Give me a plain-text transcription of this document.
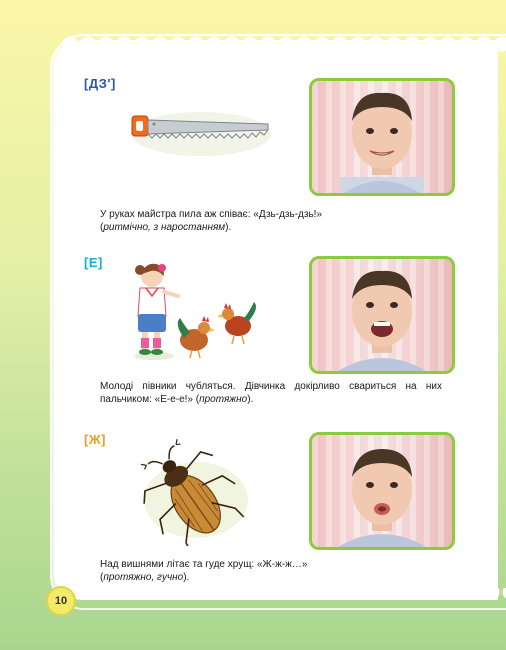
[ДЗ']
У руках майстра пила аж співає: «Дзь-дзь-дзь!»
(ритмічно, з наростанням).
[Е]
Молоді півники чубляться. Дівчинка докірливо свариться на них пальчиком: «Е-е-е!» (протяжно).
[Ж]
Над вишнями літає та гуде хрущ: «Ж-ж-ж…»
(протяжно, гучно).
10
